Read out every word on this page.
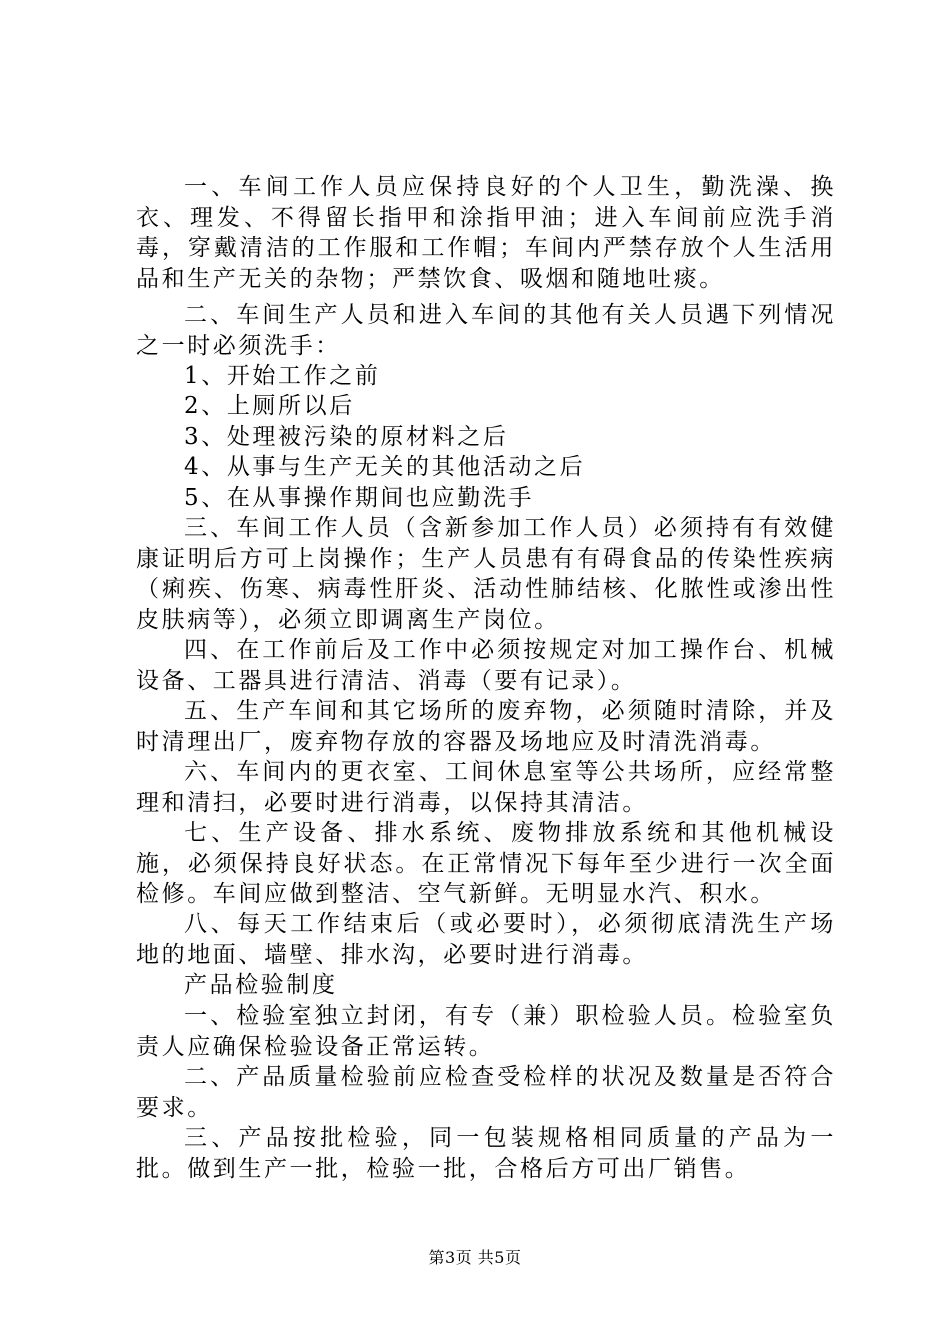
一、车间工作人员应保持良好的个人卫生，勤洗澡、换衣、理发、不得留长指甲和涂指甲油；进入车间前应洗手消毒，穿戴清洁的工作服和工作帽；车间内严禁存放个人生活用品和生产无关的杂物；严禁饮食、吸烟和随地吐痰。

二、车间生产人员和进入车间的其他有关人员遇下列情况之一时必须洗手：

1、开始工作之前

2、上厕所以后

3、处理被污染的原材料之后

4、从事与生产无关的其他活动之后

5、在从事操作期间也应勤洗手

三、车间工作人员（含新参加工作人员）必须持有有效健康证明后方可上岗操作；生产人员患有有碍食品的传染性疾病（痢疾、伤寒、病毒性肝炎、活动性肺结核、化脓性或渗出性皮肤病等），必须立即调离生产岗位。

四、在工作前后及工作中必须按规定对加工操作台、机械设备、工器具进行清洁、消毒（要有记录）。

五、生产车间和其它场所的废弃物，必须随时清除，并及时清理出厂，废弃物存放的容器及场地应及时清洗消毒。

六、车间内的更衣室、工间休息室等公共场所，应经常整理和清扫，必要时进行消毒，以保持其清洁。

七、生产设备、排水系统、废物排放系统和其他机械设施，必须保持良好状态。在正常情况下每年至少进行一次全面检修。车间应做到整洁、空气新鲜。无明显水汽、积水。

八、每天工作结束后（或必要时），必须彻底清洗生产场地的地面、墙壁、排水沟，必要时进行消毒。

产品检验制度

一、检验室独立封闭，有专（兼）职检验人员。检验室负责人应确保检验设备正常运转。

二、产品质量检验前应检查受检样的状况及数量是否符合要求。

三、产品按批检验，同一包装规格相同质量的产品为一批。做到生产一批，检验一批，合格后方可出厂销售。

第3页 共5页
